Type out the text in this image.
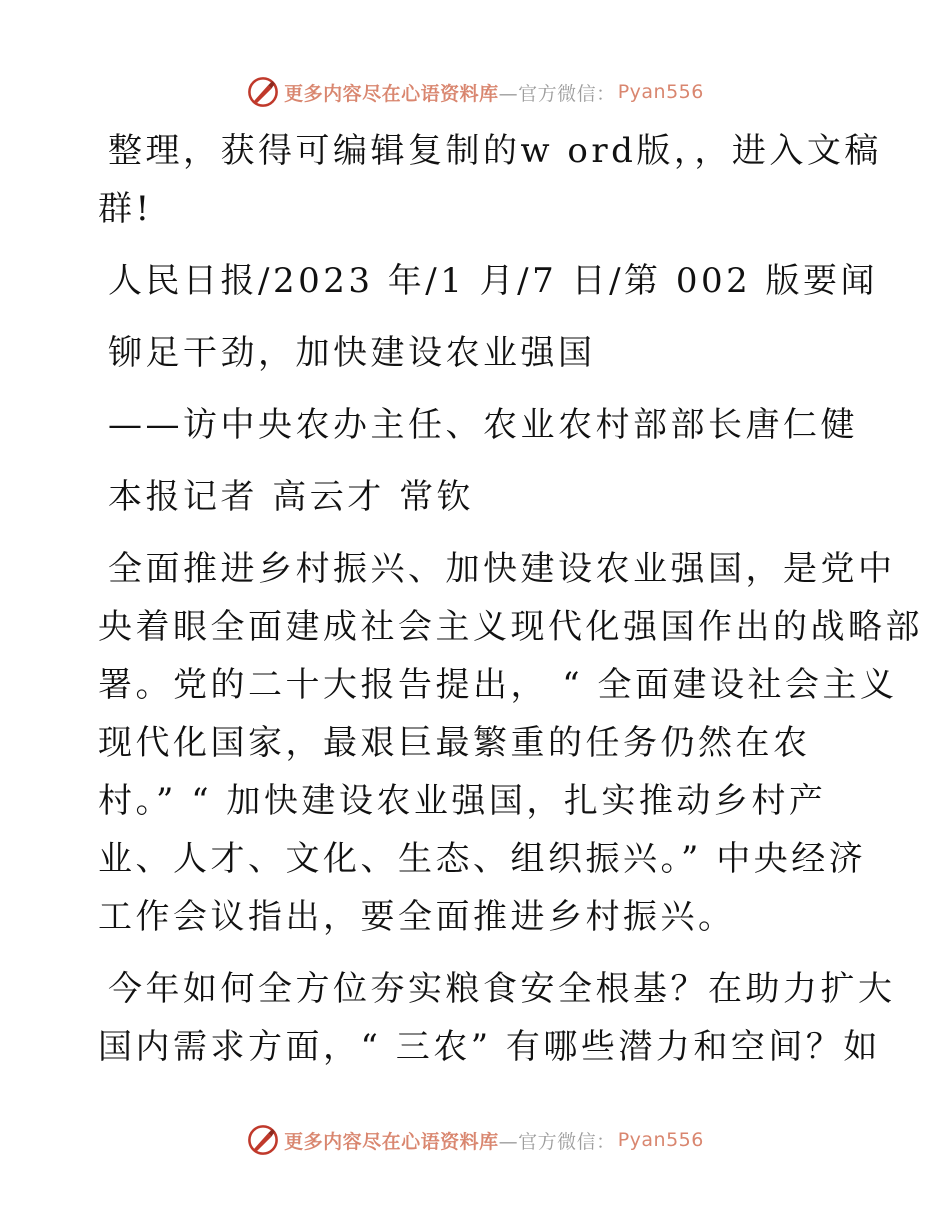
更多内容尽在心语资料库 —官方微信： Pyan556
整理，获得可编辑复制的w ord版，，进入文稿
群!
人民日报/2023 年/1 月/7 日/第 002 版要闻
铆足干劲，加快建设农业强国
——访中央农办主任、农业农村部部长唐仁健
本报记者 高云才 常钦
全面推进乡村振兴、加快建设农业强国，是党中
央着眼全面建成社会主义现代化强国作出的战略部
署。党的二十大报告提出， “ 全面建设社会主义
现代化国家，最艰巨最繁重的任务仍然在农
村。” “ 加快建设农业强国，扎实推动乡村产
业、人才、文化、生态、组织振兴。” 中央经济
工作会议指出，要全面推进乡村振兴。
今年如何全方位夯实粮食安全根基？在助力扩大
国内需求方面，“ 三农” 有哪些潜力和空间？如
更多内容尽在心语资料库 —官方微信： Pyan556
